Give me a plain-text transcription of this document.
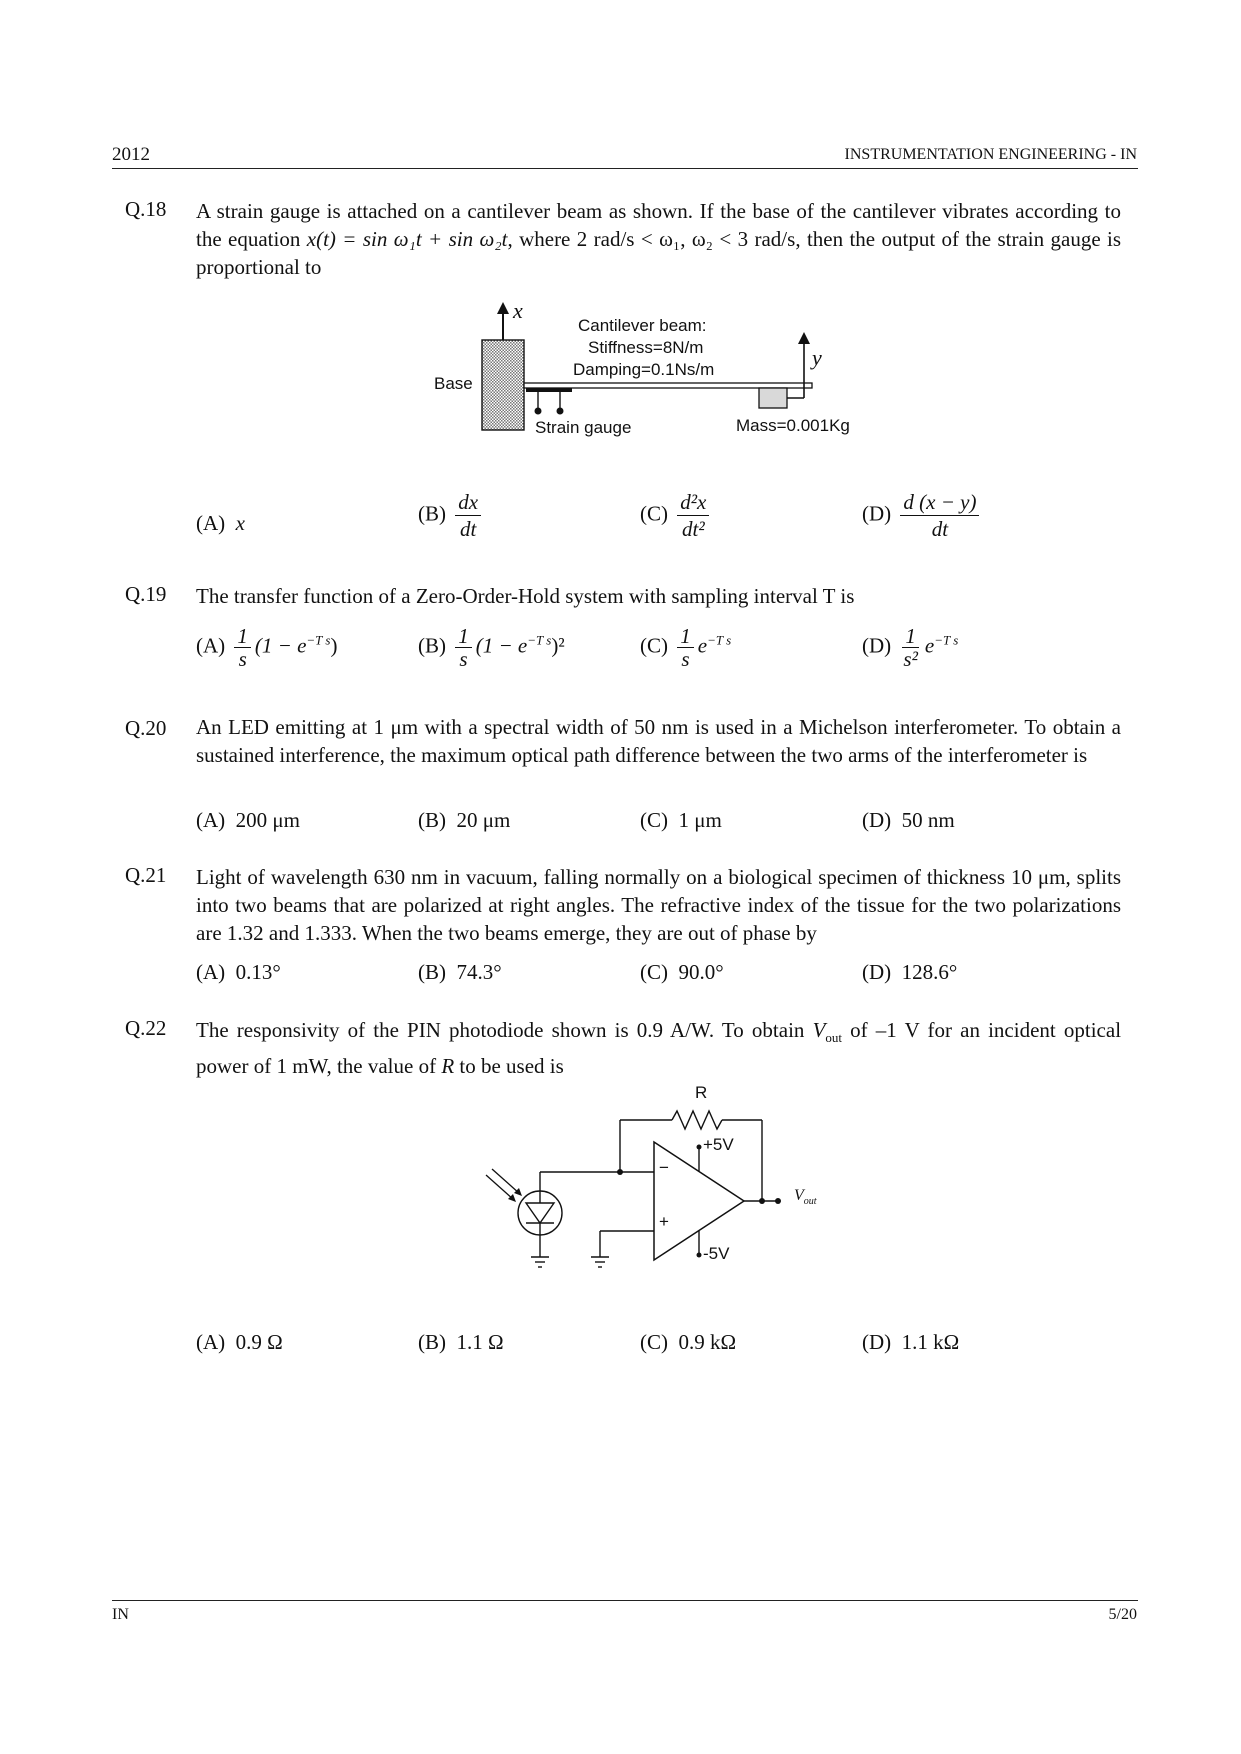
2012	INSTRUMENTATION ENGINEERING - IN
Q.18 A strain gauge is attached on a cantilever beam as shown. If the base of the cantilever vibrates according to the equation x(t) = sin ω₁t + sin ω₂t, where 2 rad/s < ω₁, ω₂ < 3 rad/s, then the output of the strain gauge is proportional to
x
y
Cantilever beam:
Stiffness=8N/m
Damping=0.1Ns/m
Base
Strain gauge	Mass=0.001Kg
(A) x	$(B) \frac{dx}{dt}$	$(C) \frac{\text{d²x}}{\text{dt²}}$	$(D) \frac{d (x - y)}{dt}$
Q.19 The transfer function of a Zero-Order-Hold system with sampling interval T is
$(A) \frac{1}{s} (1 - e^{-T s})$	$(B) \frac{1}{s} (1 - e^{-T s})^2$	$(C) \frac{1}{s} e^{-T s}$	$(D) \frac{1}{\text{s²}} e^{-T s}$
Q.20 An LED emitting at 1 μm with a spectral width of 50 nm is used in a Michelson interferometer. To obtain a sustained interference, the maximum optical path difference between the two arms of the interferometer is
(A) 200 μm	(B) 20 μm	(C) 1 μm	(D) 50 nm
Q.21 Light of wavelength 630 nm in vacuum, falling normally on a biological specimen of thickness 10 μm, splits into two beams that are polarized at right angles. The refractive index of the tissue for the two polarizations are 1.32 and 1.333. When the two beams emerge, they are out of phase by
(A) 0.13°	(B) 74.3°	(C) 90.0°	(D) 128.6°
Q.22 The responsivity of the PIN photodiode shown is 0.9 A/W. To obtain $V_{out}$ of –1 V for an incident optical power of 1 mW, the value of R to be used is
R
+5V
-5V
−
+
$V_{out}$
(A) 0.9 Ω	(B) 1.1 Ω	(C) 0.9 kΩ	(D) 1.1 kΩ
IN	5/20
